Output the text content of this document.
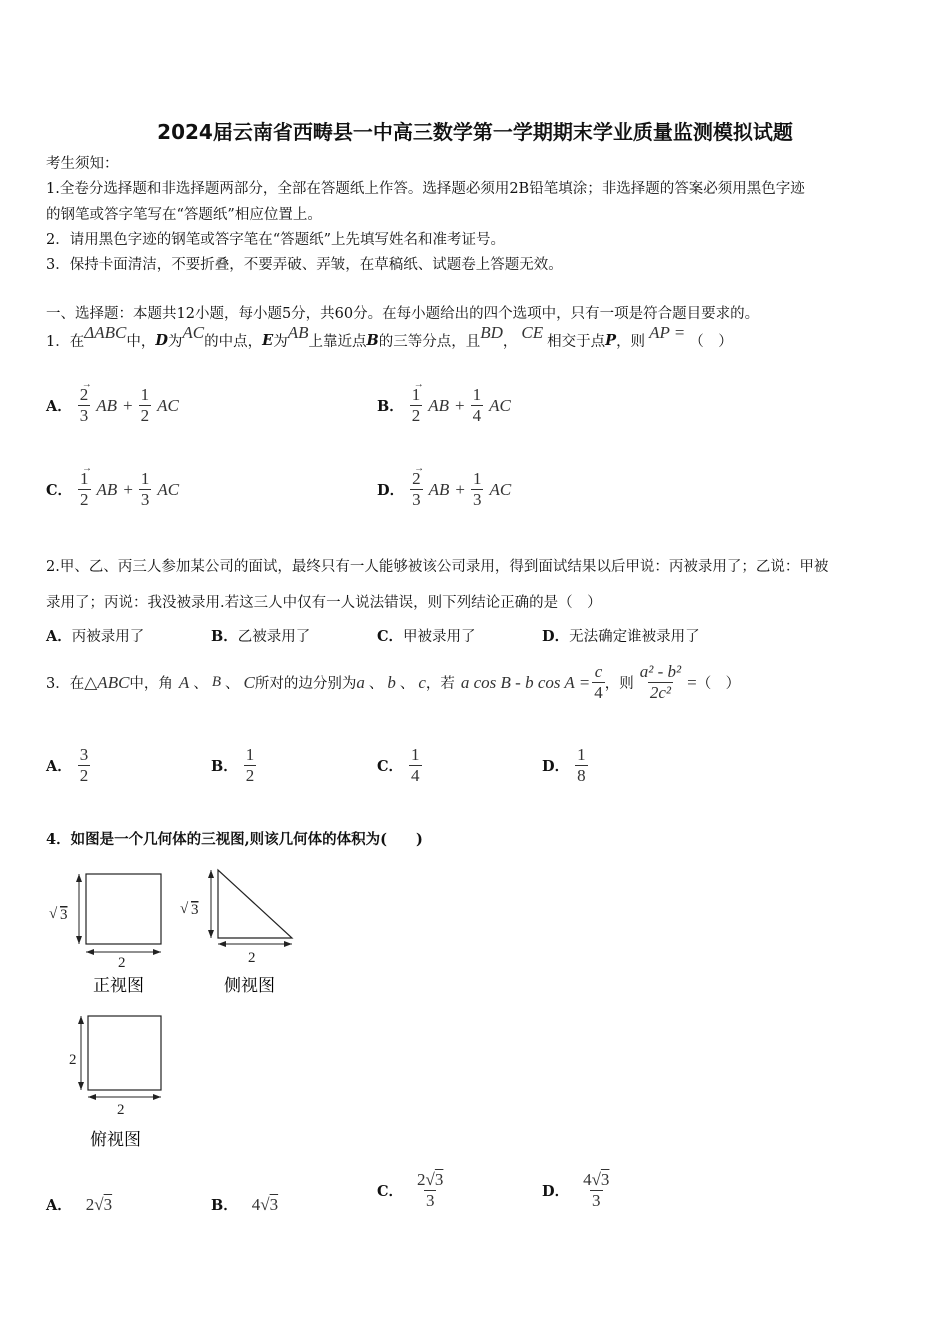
2024届云南省西畴县一中高三数学第一学期期末学业质量监测模拟试题
考生须知：
1.全卷分选择题和非选择题两部分，全部在答题纸上作答。选择题必须用2B铅笔填涂；非选择题的答案必须用黑色字迹
的钢笔或答字笔写在“答题纸”相应位置上。
2．请用黑色字迹的钢笔或答字笔在“答题纸”上先填写姓名和准考证号。
3．保持卡面清洁，不要折叠，不要弄破、弄皱，在草稿纸、试题卷上答题无效。
一、选择题：本题共12小题，每小题5分，共60分。在每小题给出的四个选项中，只有一项是符合题目要求的。
1．在
ΔABC
中， D 为
AC
的中点， E 为
AB
上靠近点 B 的三等分点，且
BD
，
CE
相交于点 P ，则
AP =
（　）
A． →
2
3 AB + $\frac{1}{2}$ AC	B． →
1
2 AB + $\frac{1}{4}$ AC
C． →
1
2 AB + $\frac{1}{3}$ AC	D． →
2
3 AB + $\frac{1}{3}$ AC
2.甲、乙、丙三人参加某公司的面试，最终只有一人能够被该公司录用，得到面试结果以后甲说：丙被录用了；乙说：甲被
录用了；丙说：我没被录用.若这三人中仅有一人说法错误，则下列结论正确的是（　）
A．丙被录用了	B．乙被录用了	C．甲被录用了	D．无法确定谁被录用了
3．在 △ABC 中，角 A 、 B 、 C 所对的边分别为 a 、 b 、 c ，若 a cos B - b $\cos A = \frac{c}{4}$ ，则 $\frac{\text{a² - b²}}{\text{2c²}}$ = （　）
A． $\frac{3}{2}$	B． $\frac{1}{2}$	C． $\frac{1}{4}$	D． $\frac{1}{8}$
4．如图是一个几何体的三视图,则该几何体的体积为(　　)
√ 3
2
正视图
√ 3
2
侧视图
2
2
俯视图
A． 2√3	B． 4√3
C． $\frac{2√3}{3}$	D． $\frac{4√3}{3}$
